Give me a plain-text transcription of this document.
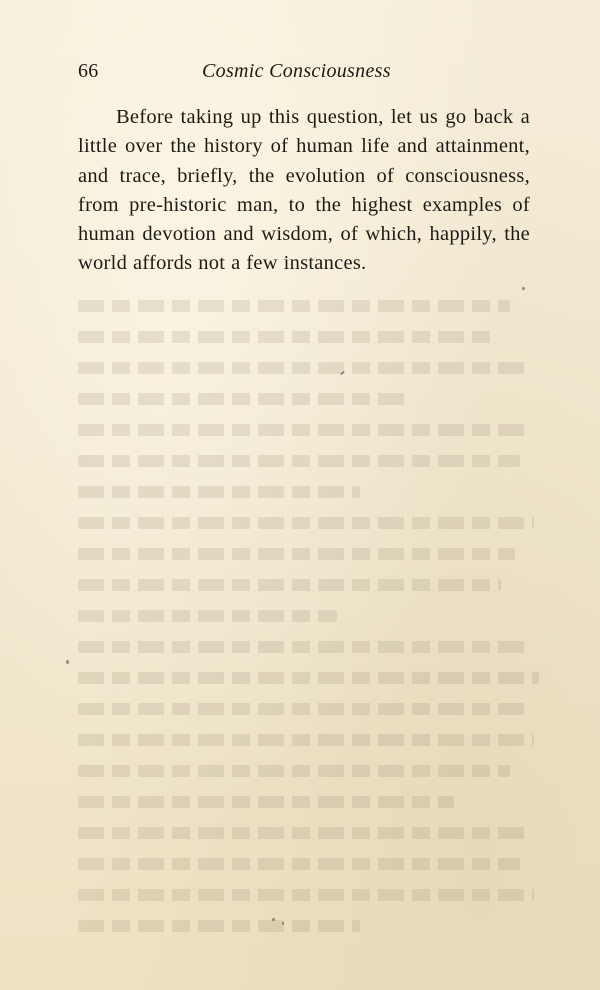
66	Cosmic Consciousness

Before taking up this question, let us go back a little over the history of human life and attainment, and trace, briefly, the evolution of consciousness, from pre-historic man, to the highest examples of human devotion and wisdom, of which, happily, the world affords not a few instances.
